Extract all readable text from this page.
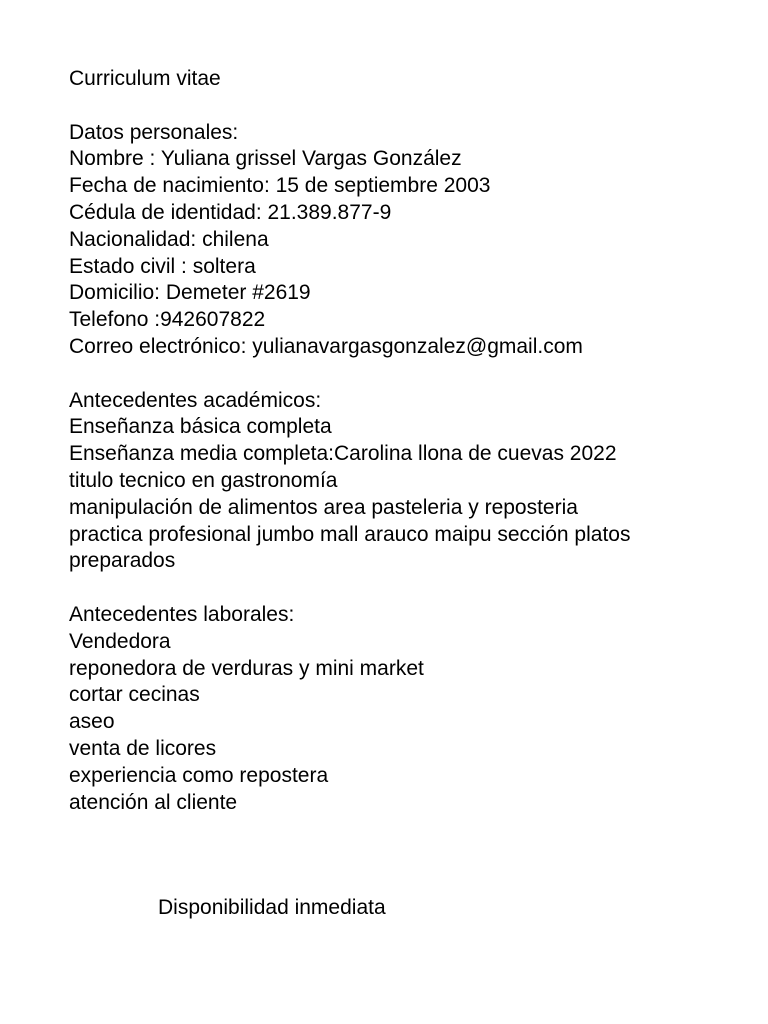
Curriculum vitae
Datos personales:
Nombre : Yuliana grissel Vargas González
Fecha de nacimiento: 15 de septiembre 2003
Cédula de identidad: 21.389.877-9
Nacionalidad: chilena
Estado civil : soltera
Domicilio: Demeter #2619
Telefono :942607822
Correo electrónico: yulianavargasgonzalez@gmail.com
Antecedentes académicos:
Enseñanza básica completa
Enseñanza media completa:Carolina llona de cuevas 2022
titulo tecnico en gastronomía
manipulación de alimentos area pasteleria y reposteria
practica profesional jumbo mall arauco maipu sección platos
preparados
Antecedentes laborales:
Vendedora
reponedora de verduras y mini market
cortar cecinas
aseo
venta de licores
experiencia como repostera
atención al cliente
Disponibilidad inmediata
